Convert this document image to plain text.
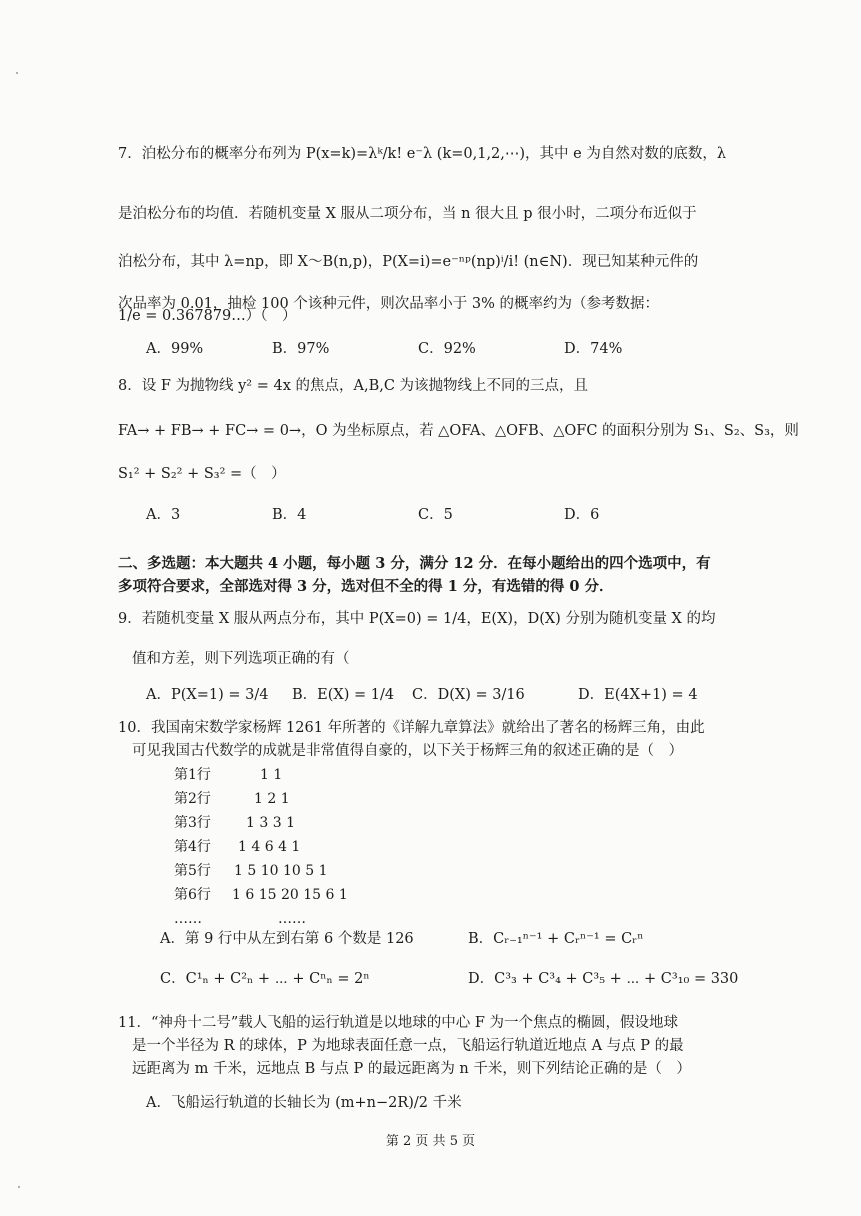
7．泊松分布的概率分布列为 P(x=k)=λᵏ/k! e⁻λ (k=0,1,2,⋯)，其中 e 为自然对数的底数，λ
是泊松分布的均值．若随机变量 X 服从二项分布，当 n 很大且 p 很小时，二项分布近似于
泊松分布，其中 λ=np，即 X～B(n,p)，P(X=i)=e⁻ⁿᵖ(np)ⁱ/i! (n∈N)．现已知某种元件的
次品率为 0.01，抽检 100 个该种元件，则次品率小于 3% 的概率约为（参考数据：
1/e = 0.367879…）（　）
A．99%	B．97%	C．92%	D．74%
8．设 F 为抛物线 y² = 4x 的焦点，A,B,C 为该抛物线上不同的三点，且
FA→ + FB→ + FC→ = 0→，O 为坐标原点，若 △OFA、△OFB、△OFC 的面积分别为 S₁、S₂、S₃，则
S₁² + S₂² + S₃² =（　）
A．3	B．4	C．5	D．6
二、多选题：本大题共 4 小题，每小题 3 分，满分 12 分．在每小题给出的四个选项中，有
多项符合要求，全部选对得 3 分，选对但不全的得 1 分，有选错的得 0 分．
9．若随机变量 X 服从两点分布，其中 P(X=0) = 1/4，E(X)，D(X) 分别为随机变量 X 的均
值和方差，则下列选项正确的有（
A．P(X=1) = 3/4 B．E(X) = 1/4 C．D(X) = 3/16	D．E(4X+1) = 4
10．我国南宋数学家杨辉 1261 年所著的《详解九章算法》就给出了著名的杨辉三角，由此
可见我国古代数学的成就是非常值得自豪的，以下关于杨辉三角的叙述正确的是（　）
第1行	1 1
第2行	1 2 1
第3行	1 3 3 1
第4行 1 4 6 4 1
第5行 1 5 10 10 5 1
第6行 1 6 15 20 15 6 1
……	……
A．第 9 行中从左到右第 6 个数是 126	B．Cᵣ₋₁ⁿ⁻¹ + Cᵣⁿ⁻¹ = Cᵣⁿ
C．C¹ₙ + C²ₙ + ⋯ + Cⁿₙ = 2ⁿ	D．C³₃ + C³₄ + C³₅ + ⋯ + C³₁₀ = 330
11．“神舟十二号”载人飞船的运行轨道是以地球的中心 F 为一个焦点的椭圆，假设地球
是一个半径为 R 的球体，P 为地球表面任意一点，飞船运行轨道近地点 A 与点 P 的最
远距离为 m 千米，远地点 B 与点 P 的最远距离为 n 千米，则下列结论正确的是（　）
A．飞船运行轨道的长轴长为 (m+n−2R)/2 千米
第 2 页 共 5 页
